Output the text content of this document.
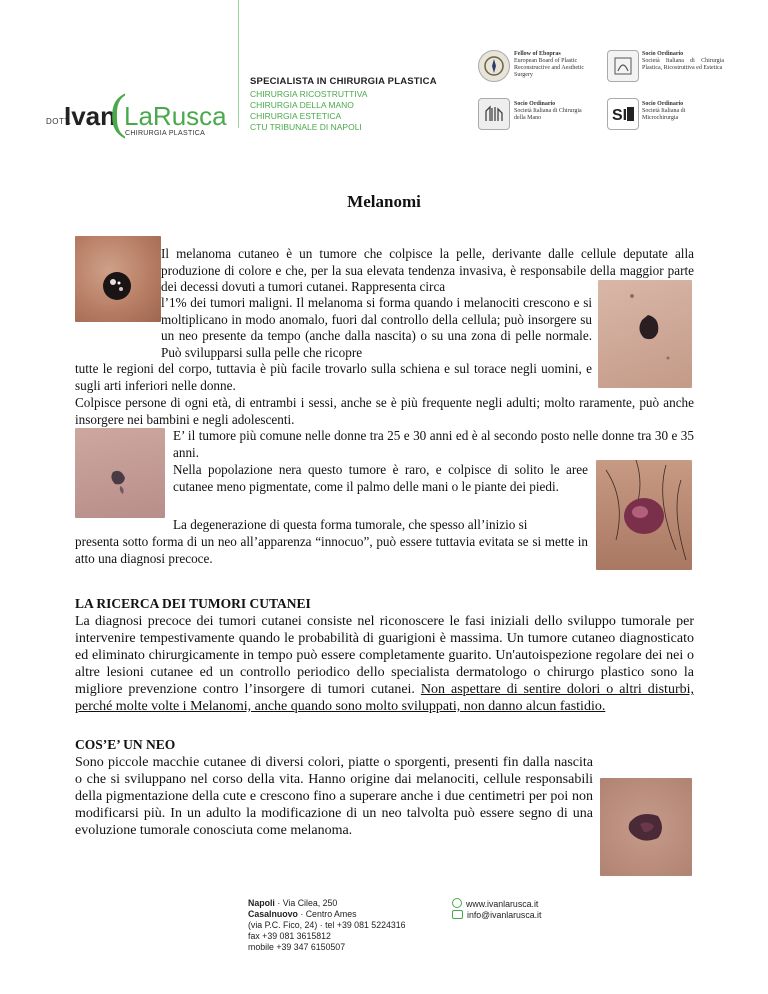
DOTT.
Ivan
(
LaRusca
CHIRURGIA PLASTICA
SPECIALISTA IN CHIRURGIA PLASTICA
CHIRURGIA RICOSTRUTTIVA
CHIRURGIA DELLA MANO
CHIRURGIA ESTETICA
CTU TRIBUNALE DI NAPOLI
Fellow of Ebopras
European Board of Plastic Reconstructive and Aesthetic Surgery
Socio Ordinario
Società Italiana di Chirurgia Plastica, Ricostruttiva ed Estetica
Socio Ordinario
Società Italiana di Chirurgia della Mano	SI
Socio Ordinario
Società Italiana di Microchirurgia
Melanomi
Il melanoma cutaneo è un tumore che colpisce la pelle, derivante dalle cellule deputate alla produzione di colore e che, per la sua elevata tendenza invasiva, è responsabile della maggior parte dei decessi dovuti a tumori cutanei. Rappresenta circa
l’1% dei tumori maligni. Il melanoma si forma quando i melanociti crescono e si moltiplicano in modo anomalo, fuori dal controllo della cellula; può insorgere su un neo presente da tempo (anche dalla nascita) o su una zona di pelle normale. Può svilupparsi sulla pelle che ricopre
tutte le regioni del corpo, tuttavia è più facile trovarlo sulla schiena e sul torace negli uomini, e sugli arti inferiori nelle donne.
Colpisce persone di ogni età, di entrambi i sessi, anche se è più frequente negli adulti; molto raramente, può anche insorgere nei bambini e negli adolescenti.
E’ il tumore più comune nelle donne tra 25 e 30 anni ed è al secondo posto nelle donne tra 30 e 35 anni.
Nella popolazione nera questo tumore è raro, e colpisce di solito le aree cutanee meno pigmentate, come il palmo delle mani o le piante dei piedi.
La degenerazione di questa forma tumorale, che spesso all’inizio si
presenta sotto forma di un neo all’apparenza “innocuo”, può essere tuttavia evitata se si mette in atto una diagnosi precoce.
LA RICERCA DEI TUMORI CUTANEI
La diagnosi precoce dei tumori cutanei consiste nel riconoscere le fasi iniziali dello sviluppo tumorale per intervenire tempestivamente quando le probabilità di guarigioni è massima. Un tumore cutaneo diagnosticato ed eliminato chirurgicamente in tempo può essere completamente guarito. Un'autoispezione regolare dei nei o altre lesioni cutanee ed un controllo periodico dello specialista dermatologo o chirurgo plastico sono la migliore prevenzione contro l’insorgere di tumori cutanei. Non aspettare di sentire dolori o altri disturbi, perché molte volte i Melanomi, anche quando sono molto sviluppati, non danno alcun fastidio.
COS’E’ UN NEO
Sono piccole macchie cutanee di diversi colori, piatte o sporgenti, presenti fin dalla nascita o che si sviluppano nel corso della vita. Hanno origine dai melanociti, cellule responsabili della pigmentazione della cute e crescono fino a superare anche i due centimetri per poi non modificarsi più. In un adulto la modificazione di un neo talvolta può essere segno di una evoluzione tumorale conosciuta come melanoma.
Napoli · Via Cilea, 250
Casalnuovo · Centro Ames
(via P.C. Fico, 24) · tel +39 081 5224316
fax +39 081 3615812
mobile +39 347 6150507
www.ivanlarusca.it
info@ivanlarusca.it
